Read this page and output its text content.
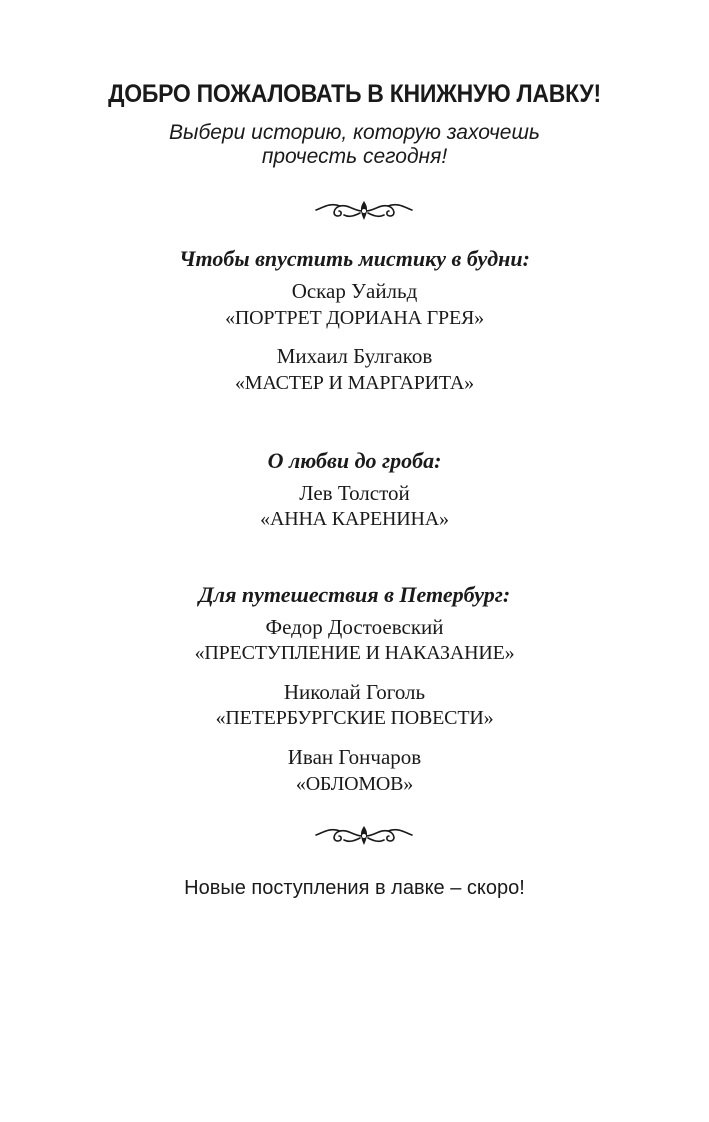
ДОБРО ПОЖАЛОВАТЬ В КНИЖНУЮ ЛАВКУ!

Выбери историю, которую захочешь

прочесть сегодня!

Чтобы впустить мистику в будни:

Оскар Уайльд

«ПОРТРЕТ ДОРИАНА ГРЕЯ»

Михаил Булгаков

«МАСТЕР И МАРГАРИТА»

О любви до гроба:

Лев Толстой

«АННА КАРЕНИНА»

Для путешествия в Петербург:

Федор Достоевский

«ПРЕСТУПЛЕНИЕ И НАКАЗАНИЕ»

Николай Гоголь

«ПЕТЕРБУРГСКИЕ ПОВЕСТИ»

Иван Гончаров

«ОБЛОМОВ»

Новые поступления в лавке – скоро!
